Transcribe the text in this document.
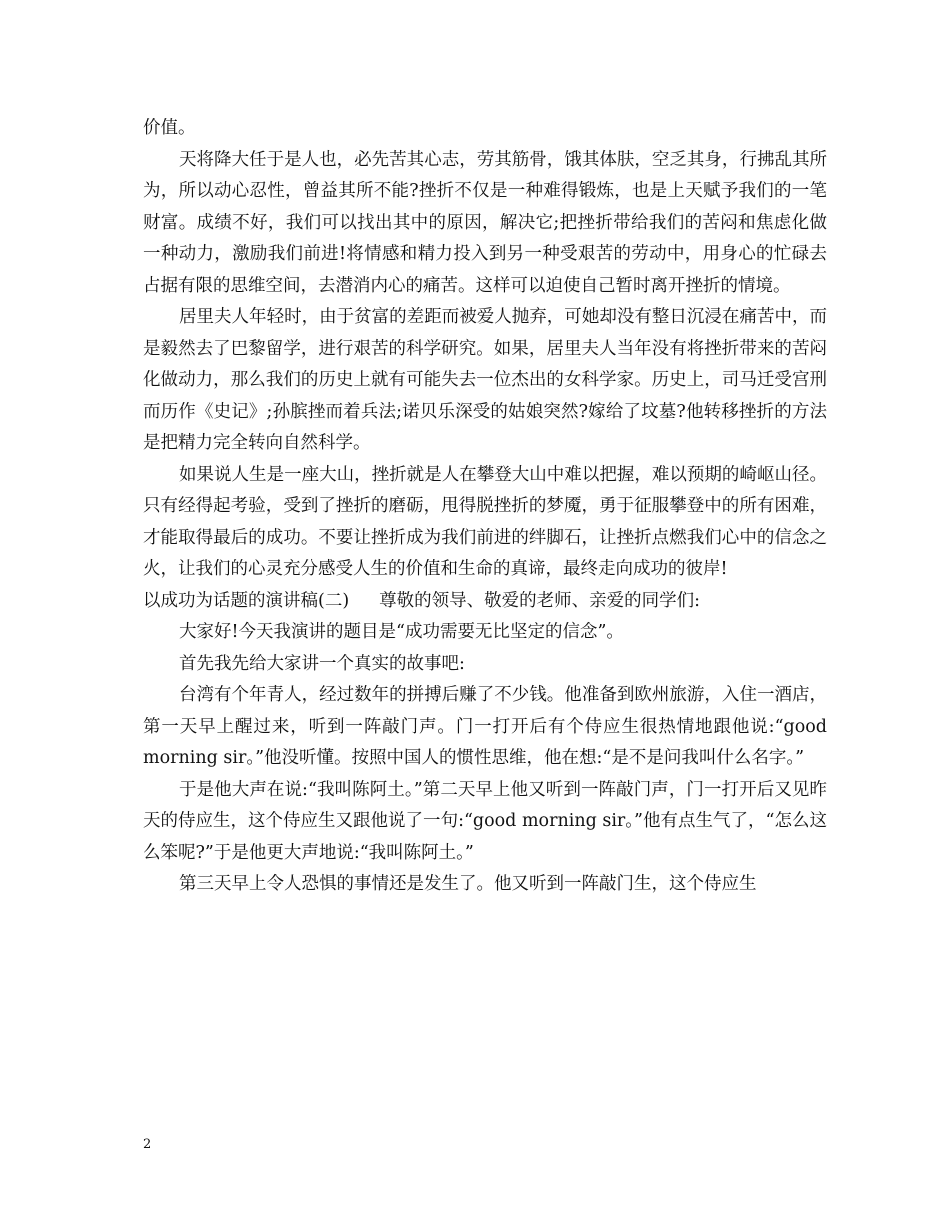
价值。

天将降大任于是人也，必先苦其心志，劳其筋骨，饿其体肤，空乏其身，行拂乱其所为，所以动心忍性，曾益其所不能?挫折不仅是一种难得锻炼，也是上天赋予我们的一笔财富。成绩不好，我们可以找出其中的原因，解决它;把挫折带给我们的苦闷和焦虑化做一种动力，激励我们前进!将情感和精力投入到另一种受艰苦的劳动中，用身心的忙碌去占据有限的思维空间，去潜消内心的痛苦。这样可以迫使自己暂时离开挫折的情境。

居里夫人年轻时，由于贫富的差距而被爱人抛弃，可她却没有整日沉浸在痛苦中，而是毅然去了巴黎留学，进行艰苦的科学研究。如果，居里夫人当年没有将挫折带来的苦闷化做动力，那么我们的历史上就有可能失去一位杰出的女科学家。历史上，司马迁受宫刑而历作《史记》;孙膑挫而着兵法;诺贝乐深受的姑娘突然?嫁给了坟墓?他转移挫折的方法是把精力完全转向自然科学。

如果说人生是一座大山，挫折就是人在攀登大山中难以把握，难以预期的崎岖山径。只有经得起考验，受到了挫折的磨砺，甩得脱挫折的梦魇，勇于征服攀登中的所有困难，才能取得最后的成功。不要让挫折成为我们前进的绊脚石，让挫折点燃我们心中的信念之火，让我们的心灵充分感受人生的价值和生命的真谛，最终走向成功的彼岸!

以成功为话题的演讲稿(二) 尊敬的领导、敬爱的老师、亲爱的同学们:

大家好!今天我演讲的题目是“成功需要无比坚定的信念”。

首先我先给大家讲一个真实的故事吧:

台湾有个年青人，经过数年的拼搏后赚了不少钱。他准备到欧州旅游，入住一酒店，第一天早上醒过来，听到一阵敲门声。门一打开后有个侍应生很热情地跟他说:“good morning sir。”他没听懂。按照中国人的惯性思维，他在想:“是不是问我叫什么名字。”

于是他大声在说:“我叫陈阿土。”第二天早上他又听到一阵敲门声，门一打开后又见昨天的侍应生，这个侍应生又跟他说了一句:“good morning sir。”他有点生气了，“怎么这么笨呢?”于是他更大声地说:“我叫陈阿土。”

第三天早上令人恐惧的事情还是发生了。他又听到一阵敲门生，这个侍应生

2
